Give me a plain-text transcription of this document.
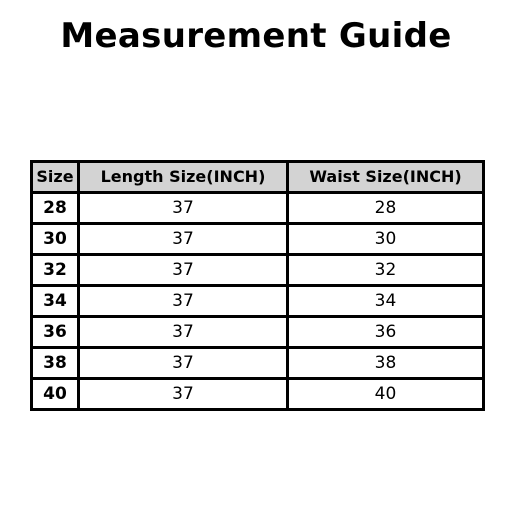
Measurement Guide
Size	Length Size(INCH)	Waist Size(INCH)
28	37	28
30	37	30
32	37	32
34	37	34
36	37	36
38	37	38
40	37	40
